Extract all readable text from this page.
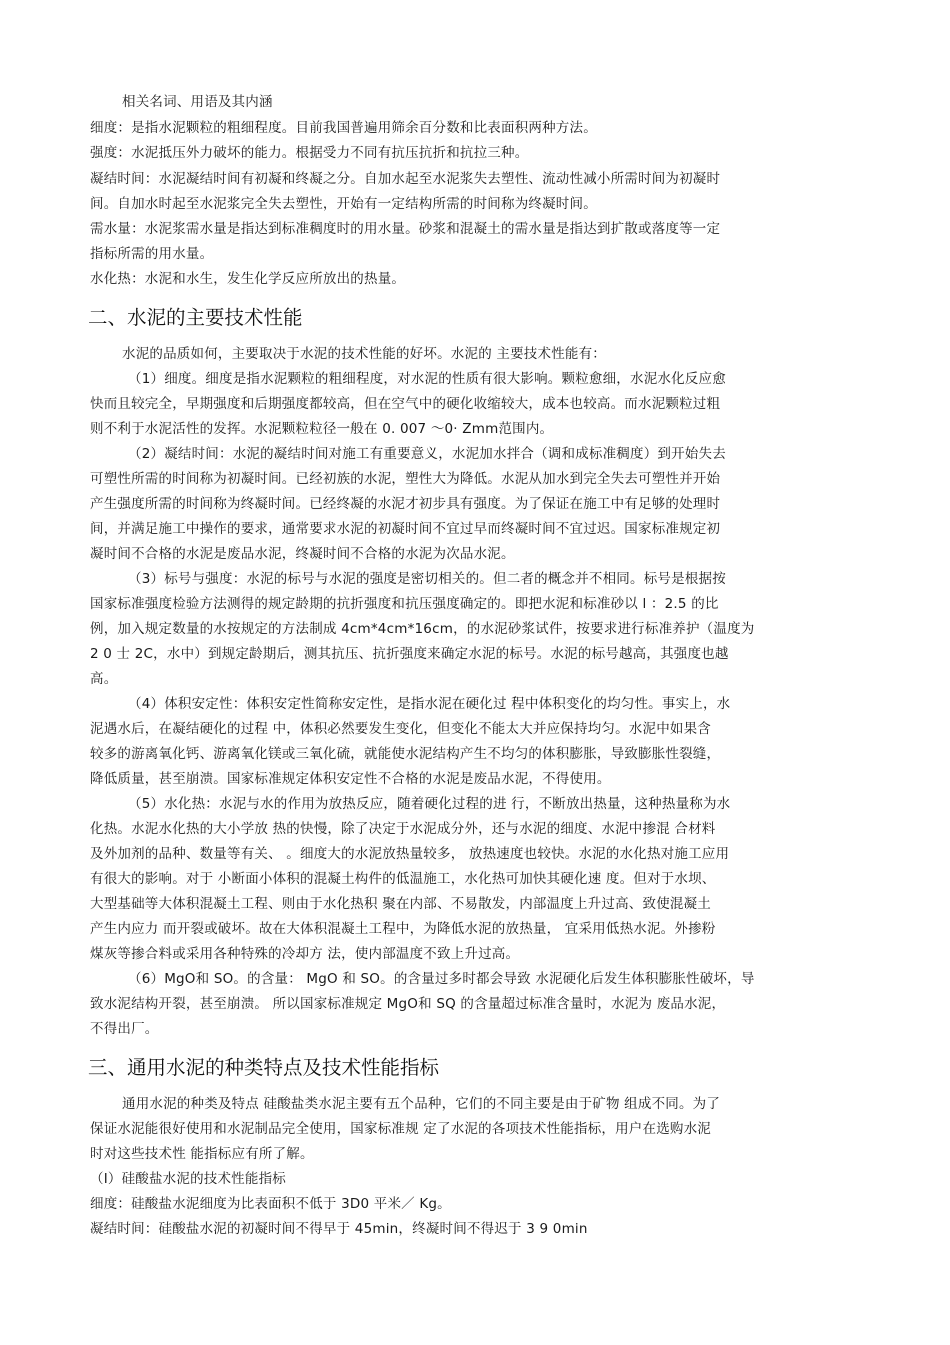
相关名词、用语及其内涵
细度：是指水泥颗粒的粗细程度。目前我国普遍用筛余百分数和比表面积两种方法。
强度：水泥抵压外力破坏的能力。根据受力不同有抗压抗折和抗拉三种。
凝结时间：水泥凝结时间有初凝和终凝之分。自加水起至水泥浆失去塑性、流动性减小所需时间为初凝时
间。自加水时起至水泥浆完全失去塑性，开始有一定结构所需的时间称为终凝时间。
需水量：水泥浆需水量是指达到标准稠度时的用水量。砂浆和混凝土的需水量是指达到扩散或落度等一定
指标所需的用水量。
水化热：水泥和水生，发生化学反应所放出的热量。
二、水泥的主要技术性能
水泥的品质如何，主要取决于水泥的技术性能的好坏。水泥的 主要技术性能有：
（1）细度。细度是指水泥颗粒的粗细程度，对水泥的性质有很大影响。颗粒愈细，水泥水化反应愈
快而且较完全，早期强度和后期强度都较高，但在空气中的硬化收缩较大，成本也较高。而水泥颗粒过粗
则不利于水泥活性的发挥。水泥颗粒粒径一般在 0. 007 ～0· Zmm范围内。
（2）凝结时间：水泥的凝结时间对施工有重要意义，水泥加水拌合（调和成标准稠度）到开始失去
可塑性所需的时间称为初凝时间。已经初族的水泥，塑性大为降低。水泥从加水到完全失去可塑性并开始
产生强度所需的时间称为终凝时间。已经终凝的水泥才初步具有强度。为了保证在施工中有足够的处理时
间，并满足施工中操作的要求，通常要求水泥的初凝时间不宜过早而终凝时间不宜过迟。国家标准规定初
凝时间不合格的水泥是废品水泥，终凝时间不合格的水泥为次品水泥。
（3）标号与强度：水泥的标号与水泥的强度是密切相关的。但二者的概念并不相同。标号是根据按
国家标准强度检验方法测得的规定龄期的抗折强度和抗压强度确定的。即把水泥和标准砂以 l ：2.5 的比
例，加入规定数量的水按规定的方法制成 4cm*4cm*16cm，的水泥砂浆试件，按要求进行标准养护（温度为
2 0 士 2C，水中）到规定龄期后，测其抗压、抗折强度来确定水泥的标号。水泥的标号越高，其强度也越
高。
（4）体积安定性：体积安定性简称安定性，是指水泥在硬化过 程中体积变化的均匀性。事实上，水
泥遇水后，在凝结硬化的过程 中，体积必然要发生变化，但变化不能太大并应保持均匀。水泥中如果含
较多的游离氧化钙、游离氧化镁或三氧化硫，就能使水泥结构产生不均匀的体积膨胀，导致膨胀性裂缝，
降低质量，甚至崩溃。国家标准规定体积安定性不合格的水泥是废品水泥，不得使用。
（5）水化热：水泥与水的作用为放热反应，随着硬化过程的进 行，不断放出热量，这种热量称为水
化热。水泥水化热的大小学放 热的快慢，除了决定于水泥成分外，还与水泥的细度、水泥中掺混 合材料
及外加剂的品种、数量等有关、 。细度大的水泥放热量较多， 放热速度也较快。水泥的水化热对施工应用
有很大的影响。对于 小断面小体积的混凝土构件的低温施工，水化热可加快其硬化速 度。但对于水坝、
大型基础等大体积混凝土工程、则由于水化热积 聚在内部、不易散发，内部温度上升过高、致使混凝土
产生内应力 而开裂或破坏。故在大体积混凝土工程中，为降低水泥的放热量， 宜采用低热水泥。外掺粉
煤灰等掺合料或采用各种特殊的冷却方 法，使内部温度不致上升过高。
（6）MgO和 SO。的含量： MgO 和 SO。的含量过多时都会导致 水泥硬化后发生体积膨胀性破坏，导
致水泥结构开裂，甚至崩溃。 所以国家标准规定 MgO和 SQ 的含量超过标准含量时，水泥为 废品水泥，
不得出厂。
三、通用水泥的种类特点及技术性能指标
通用水泥的种类及特点 硅酸盐类水泥主要有五个品种，它们的不同主要是由于矿物 组成不同。为了
保证水泥能很好使用和水泥制品完全使用，国家标准规 定了水泥的各项技术性能指标，用户在选购水泥
时对这些技术性 能指标应有所了解。
（I）硅酸盐水泥的技术性能指标
细度：硅酸盐水泥细度为比表面积不低于 3D0 平米／ Kg。
凝结时间：硅酸盐水泥的初凝时间不得早于 45min，终凝时间不得迟于 3 9 0min
